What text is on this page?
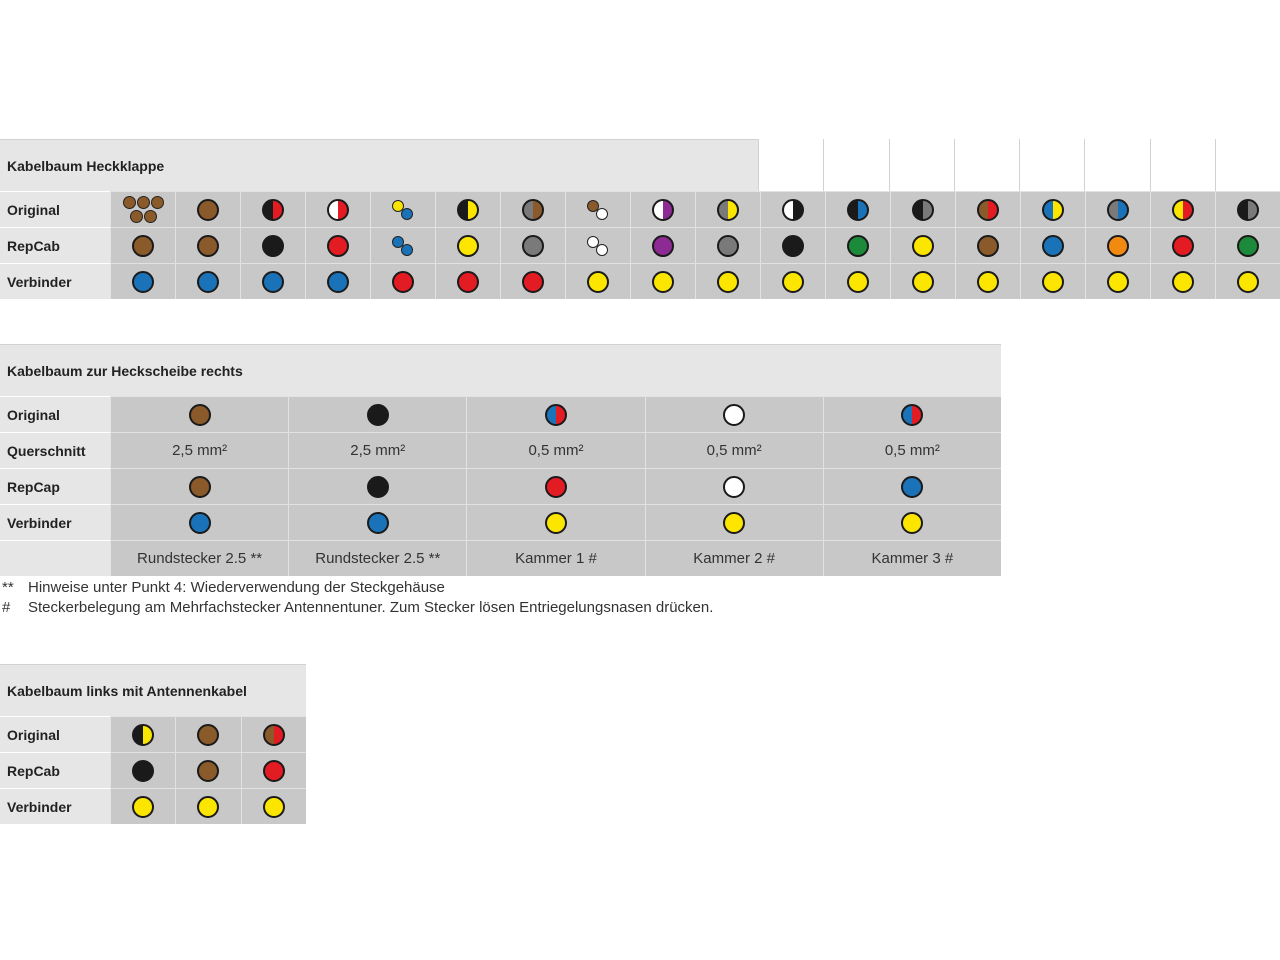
Kabelbaum Heckklappe
Original
RepCab
Verbinder
Kabelbaum zur Heckscheibe rechts
Original
Querschnitt	2,5 mm²	2,5 mm²	0,5 mm²	0,5 mm²	0,5 mm²
RepCap
Verbinder
Rundstecker 2.5 **	Rundstecker 2.5 **	Kammer 1 #	Kammer 2 #	Kammer 3 #
** Hinweise unter Punkt 4: Wiederverwendung der Steckgehäuse
# Steckerbelegung am Mehrfachstecker Antennentuner. Zum Stecker lösen Entriegelungsnasen drücken.
Kabelbaum links mit Antennenkabel
Original
RepCab
Verbinder
